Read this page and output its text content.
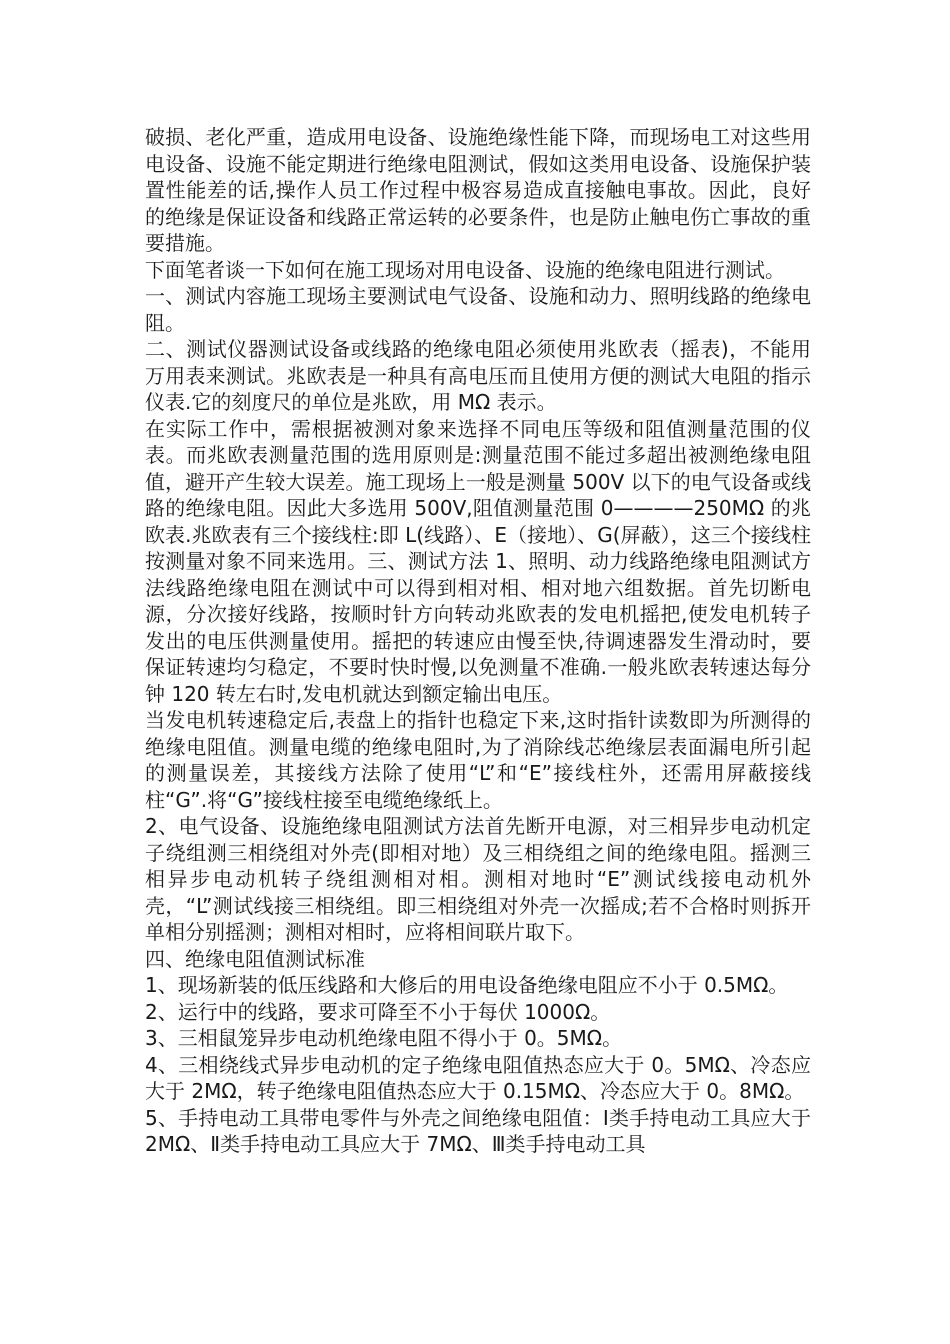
破损、老化严重，造成用电设备、设施绝缘性能下降，而现场电工对这些用电设备、设施不能定期进行绝缘电阻测试，假如这类用电设备、设施保护装置性能差的话,操作人员工作过程中极容易造成直接触电事故。因此，良好的绝缘是保证设备和线路正常运转的必要条件，也是防止触电伤亡事故的重要措施。

下面笔者谈一下如何在施工现场对用电设备、设施的绝缘电阻进行测试。

一、测试内容施工现场主要测试电气设备、设施和动力、照明线路的绝缘电阻。

二、测试仪器测试设备或线路的绝缘电阻必须使用兆欧表（摇表)，不能用万用表来测试。兆欧表是一种具有高电压而且使用方便的测试大电阻的指示仪表.它的刻度尺的单位是兆欧，用 MΩ 表示。

在实际工作中，需根据被测对象来选择不同电压等级和阻值测量范围的仪表。而兆欧表测量范围的选用原则是:测量范围不能过多超出被测绝缘电阻值，避开产生较大误差。施工现场上一般是测量 500V 以下的电气设备或线路的绝缘电阻。因此大多选用 500V,阻值测量范围 0————250MΩ 的兆欧表.兆欧表有三个接线柱:即 L(线路）、E（接地）、G(屏蔽），这三个接线柱按测量对象不同来选用。三、测试方法 1、照明、动力线路绝缘电阻测试方法线路绝缘电阻在测试中可以得到相对相、相对地六组数据。首先切断电源，分次接好线路，按顺时针方向转动兆欧表的发电机摇把,使发电机转子发出的电压供测量使用。摇把的转速应由慢至快,待调速器发生滑动时，要保证转速均匀稳定，不要时快时慢,以免测量不准确.一般兆欧表转速达每分钟 120 转左右时,发电机就达到额定输出电压。

当发电机转速稳定后,表盘上的指针也稳定下来,这时指针读数即为所测得的绝缘电阻值。测量电缆的绝缘电阻时,为了消除线芯绝缘层表面漏电所引起的测量误差，其接线方法除了使用“L”和“E”接线柱外，还需用屏蔽接线柱“G”.将“G”接线柱接至电缆绝缘纸上。

2、电气设备、设施绝缘电阻测试方法首先断开电源，对三相异步电动机定子绕组测三相绕组对外壳(即相对地）及三相绕组之间的绝缘电阻。摇测三相异步电动机转子绕组测相对相。测相对地时“E”测试线接电动机外壳，“L”测试线接三相绕组。即三相绕组对外壳一次摇成;若不合格时则拆开单相分别摇测；测相对相时，应将相间联片取下。

四、绝缘电阻值测试标准

1、现场新装的低压线路和大修后的用电设备绝缘电阻应不小于 0.5MΩ。

2、运行中的线路，要求可降至不小于每伏 1000Ω。

3、三相鼠笼异步电动机绝缘电阻不得小于 0。5MΩ。

4、三相绕线式异步电动机的定子绝缘电阻值热态应大于 0。5MΩ、冷态应大于 2MΩ，转子绝缘电阻值热态应大于 0.15MΩ、冷态应大于 0。8MΩ。

5、手持电动工具带电零件与外壳之间绝缘电阻值：Ⅰ类手持电动工具应大于 2MΩ、Ⅱ类手持电动工具应大于 7MΩ、Ⅲ类手持电动工具
